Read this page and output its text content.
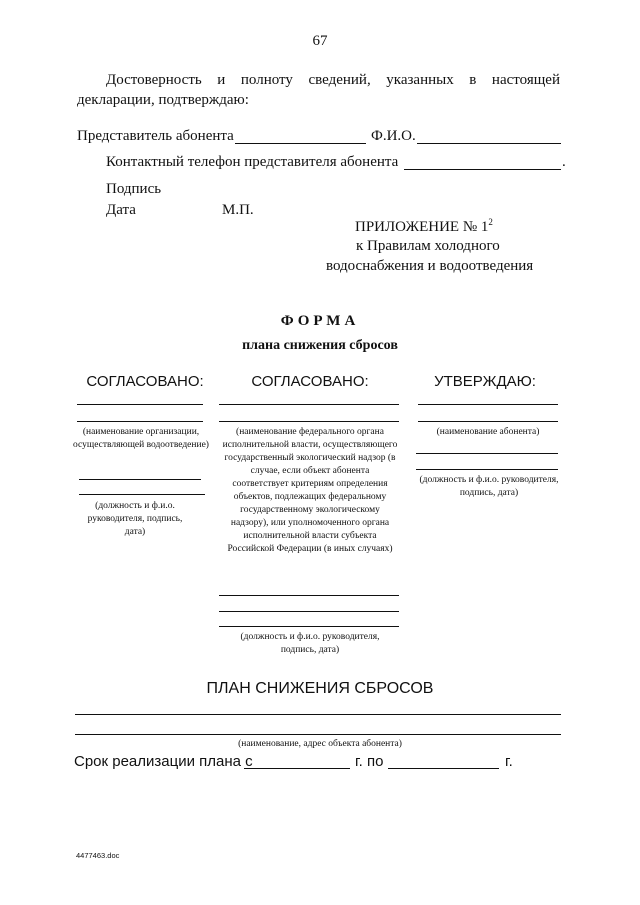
67
Достоверность и полноту сведений, указанных в настоящей
декларации, подтверждаю:
Представитель абонента	Ф.И.О.
Контактный телефон представителя абонента	.
Подпись
Дата	М.П.
ПРИЛОЖЕНИЕ № $1^2$
к Правилам холодного
водоснабжения и водоотведения
ФОРМА
плана снижения сбросов
СОГЛАСОВАНО:
(наименование организации, осуществляющей водоотведение)
(должность и ф.и.о. руководителя, подпись, дата)
СОГЛАСОВАНО:
(наименование федерального органа исполнительной власти, осуществляющего государственный экологический надзор (в случае, если объект абонента соответствует критериям определения объектов, подлежащих федеральному государственному экологическому надзору), или уполномоченного органа исполнительной власти субъекта Российской Федерации (в иных случаях)
(должность и ф.и.о. руководителя, подпись, дата)
УТВЕРЖДАЮ:
(наименование абонента)
(должность и ф.и.о. руководителя, подпись, дата)
ПЛАН СНИЖЕНИЯ СБРОСОВ
(наименование, адрес объекта абонента)
Срок реализации плана с	г. по	г.
4477463.doc
